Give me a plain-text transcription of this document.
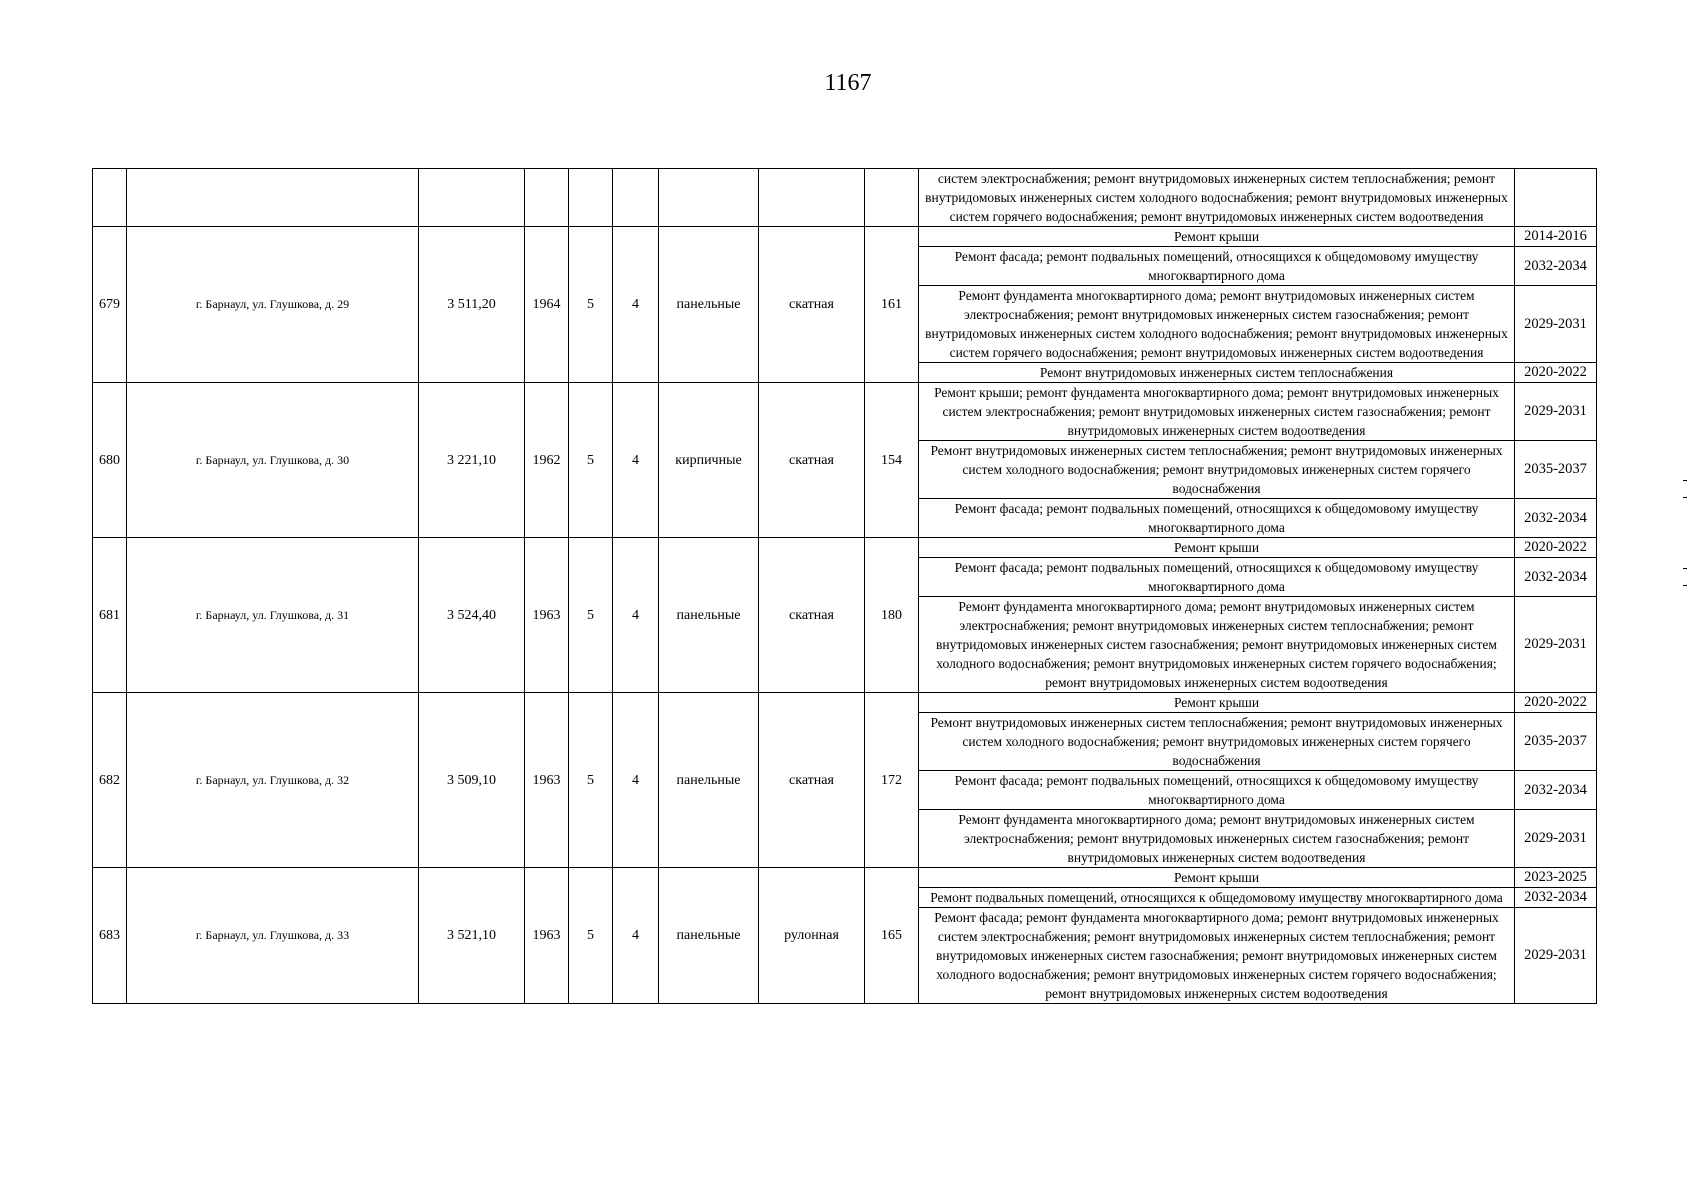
1167
									систем электроснабжения; ремонт внутридомовых инженерных систем теплоснабжения; ремонт внутридомовых инженерных систем холодного водоснабжения; ремонт внутридомовых инженерных систем горячего водоснабжения; ремонт внутридомовых инженерных систем водоотведения	
679	г. Барнаул, ул. Глушкова, д. 29	3 511,20	1964	5	4	панельные	скатная	161	Ремонт крыши	2014-2016
									Ремонт фасада; ремонт подвальных помещений, относящихся к общедомовому имуществу многоквартирного дома	2032-2034
									Ремонт фундамента многоквартирного дома; ремонт внутридомовых инженерных систем электроснабжения; ремонт внутридомовых инженерных систем газоснабжения; ремонт внутридомовых инженерных систем холодного водоснабжения; ремонт внутридомовых инженерных систем горячего водоснабжения; ремонт внутридомовых инженерных систем водоотведения	2029-2031
									Ремонт внутридомовых инженерных систем теплоснабжения	2020-2022
680	г. Барнаул, ул. Глушкова, д. 30	3 221,10	1962	5	4	кирпичные	скатная	154	Ремонт крыши; ремонт фундамента многоквартирного дома; ремонт внутридомовых инженерных систем электроснабжения; ремонт внутридомовых инженерных систем газоснабжения; ремонт внутридомовых инженерных систем водоотведения	2029-2031
									Ремонт внутридомовых инженерных систем теплоснабжения; ремонт внутридомовых инженерных систем холодного водоснабжения; ремонт внутридомовых инженерных систем горячего водоснабжения	2035-2037
									Ремонт фасада; ремонт подвальных помещений, относящихся к общедомовому имуществу многоквартирного дома	2032-2034
681	г. Барнаул, ул. Глушкова, д. 31	3 524,40	1963	5	4	панельные	скатная	180	Ремонт крыши	2020-2022
									Ремонт фасада; ремонт подвальных помещений, относящихся к общедомовому имуществу многоквартирного дома	2032-2034
									Ремонт фундамента многоквартирного дома; ремонт внутридомовых инженерных систем электроснабжения; ремонт внутридомовых инженерных систем теплоснабжения; ремонт внутридомовых инженерных систем газоснабжения; ремонт внутридомовых инженерных систем холодного водоснабжения; ремонт внутридомовых инженерных систем горячего водоснабжения; ремонт внутридомовых инженерных систем водоотведения	2029-2031
682	г. Барнаул, ул. Глушкова, д. 32	3 509,10	1963	5	4	панельные	скатная	172	Ремонт крыши	2020-2022
									Ремонт внутридомовых инженерных систем теплоснабжения; ремонт внутридомовых инженерных систем холодного водоснабжения; ремонт внутридомовых инженерных систем горячего водоснабжения	2035-2037
									Ремонт фасада; ремонт подвальных помещений, относящихся к общедомовому имуществу многоквартирного дома	2032-2034
									Ремонт фундамента многоквартирного дома; ремонт внутридомовых инженерных систем электроснабжения; ремонт внутридомовых инженерных систем газоснабжения; ремонт внутридомовых инженерных систем водоотведения	2029-2031
683	г. Барнаул, ул. Глушкова, д. 33	3 521,10	1963	5	4	панельные	рулонная	165	Ремонт крыши	2023-2025
									Ремонт подвальных помещений, относящихся к общедомовому имуществу многоквартирного дома	2032-2034
									Ремонт фасада; ремонт фундамента многоквартирного дома; ремонт внутридомовых инженерных систем электроснабжения; ремонт внутридомовых инженерных систем теплоснабжения; ремонт внутридомовых инженерных систем газоснабжения; ремонт внутридомовых инженерных систем холодного водоснабжения; ремонт внутридомовых инженерных систем горячего водоснабжения; ремонт внутридомовых инженерных систем водоотведения	2029-2031
